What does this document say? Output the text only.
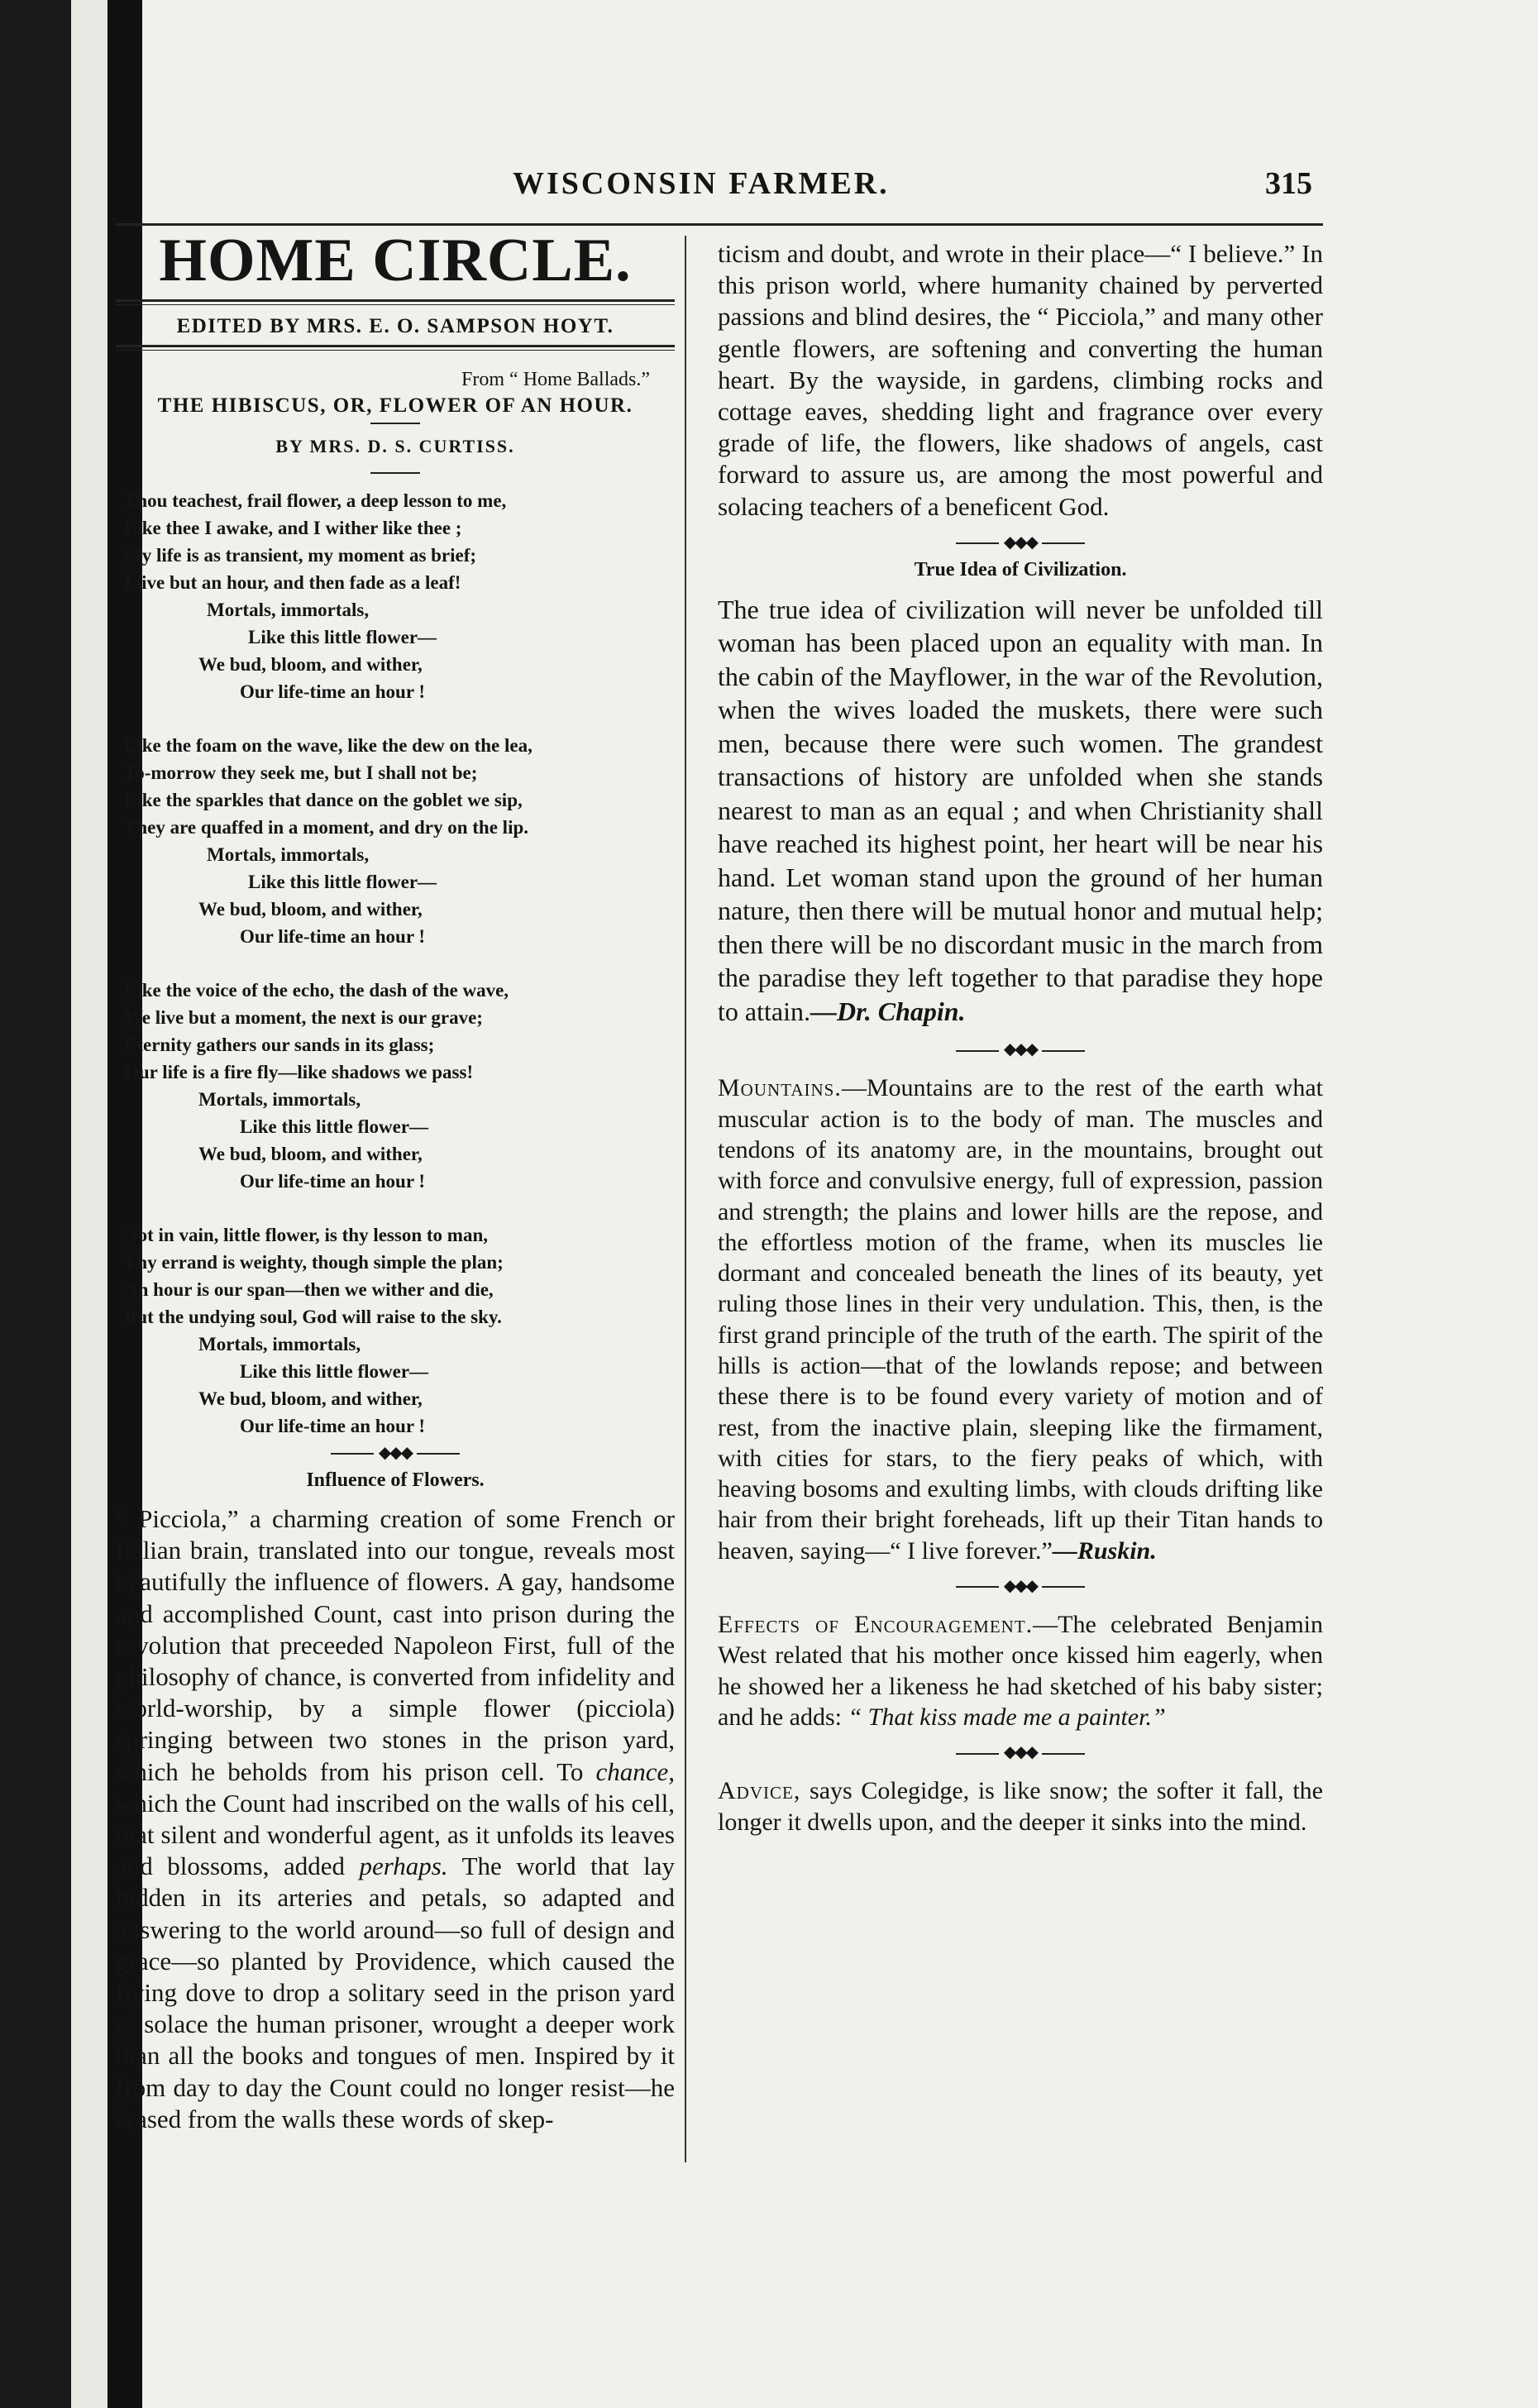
WISCONSIN FARMER.	315
HOME CIRCLE.
EDITED BY MRS. E. O. SAMPSON HOYT.
From “ Home Ballads.”
THE HIBISCUS, OR, FLOWER OF AN HOUR.
BY MRS. D. S. CURTISS.
Thou teachest, frail flower, a deep lesson to me,
Like thee I awake, and I wither like thee ;
My life is as transient, my moment as brief;
I live but an hour, and then fade as a leaf!
Mortals, immortals,
Like this little flower—
We bud, bloom, and wither,
Our life-time an hour !
Like the foam on the wave, like the dew on the lea,
To-morrow they seek me, but I shall not be;
Like the sparkles that dance on the goblet we sip,
They are quaffed in a moment, and dry on the lip.
Mortals, immortals,
Like this little flower—
We bud, bloom, and wither,
Our life-time an hour !
Like the voice of the echo, the dash of the wave,
We live but a moment, the next is our grave;
Eternity gathers our sands in its glass;
Our life is a fire fly—like shadows we pass!
Mortals, immortals,
Like this little flower—
We bud, bloom, and wither,
Our life-time an hour !
Not in vain, little flower, is thy lesson to man,
Thy errand is weighty, though simple the plan;
An hour is our span—then we wither and die,
But the undying soul, God will raise to the sky.
Mortals, immortals,
Like this little flower—
We bud, bloom, and wither,
Our life-time an hour !
◆◆◆
Influence of Flowers.

“ Picciola,” a charming creation of some French or Italian brain, translated into our tongue, reveals most beautifully the influence of flowers. A gay, handsome and accomplished Count, cast into prison during the revolution that preceeded Napoleon First, full of the philosophy of chance, is converted from infidelity and world-worship, by a simple flower (picciola) springing between two stones in the prison yard, which he beholds from his prison cell. To chance, which the Count had inscribed on the walls of his cell, that silent and wonderful agent, as it unfolds its leaves and blossoms, added perhaps. The world that lay hidden in its arteries and petals, so adapted and answering to the world around—so full of design and grace—so planted by Providence, which caused the flying dove to drop a solitary seed in the prison yard to solace the human prisoner, wrought a deeper work than all the books and tongues of men. Inspired by it from day to day the Count could no longer resist—he erased from the walls these words of skep-

ticism and doubt, and wrote in their place—“ I believe.” In this prison world, where humanity chained by perverted passions and blind desires, the “ Picciola,” and many other gentle flowers, are softening and converting the human heart. By the wayside, in gardens, climbing rocks and cottage eaves, shedding light and fragrance over every grade of life, the flowers, like shadows of angels, cast forward to assure us, are among the most powerful and solacing teachers of a beneficent God.

◆◆◆
True Idea of Civilization.

The true idea of civilization will never be unfolded till woman has been placed upon an equality with man. In the cabin of the Mayflower, in the war of the Revolution, when the wives loaded the muskets, there were such men, because there were such women. The grandest transactions of history are unfolded when she stands nearest to man as an equal ; and when Christianity shall have reached its highest point, her heart will be near his hand. Let woman stand upon the ground of her human nature, then there will be mutual honor and mutual help; then there will be no discordant music in the march from the paradise they left together to that paradise they hope to attain.—Dr. Chapin.

◆◆◆

Mountains.—Mountains are to the rest of the earth what muscular action is to the body of man. The muscles and tendons of its anatomy are, in the mountains, brought out with force and convulsive energy, full of expression, passion and strength; the plains and lower hills are the repose, and the effortless motion of the frame, when its muscles lie dormant and concealed beneath the lines of its beauty, yet ruling those lines in their very undulation. This, then, is the first grand principle of the truth of the earth. The spirit of the hills is action—that of the lowlands repose; and between these there is to be found every variety of motion and of rest, from the inactive plain, sleeping like the firmament, with cities for stars, to the fiery peaks of which, with heaving bosoms and exulting limbs, with clouds drifting like hair from their bright foreheads, lift up their Titan hands to heaven, saying—“ I live forever.”—Ruskin.

◆◆◆

Effects of Encouragement.—The celebrated Benjamin West related that his mother once kissed him eagerly, when he showed her a likeness he had sketched of his baby sister; and he adds: “ That kiss made me a painter.”

◆◆◆

Advice, says Colegidge, is like snow; the softer it fall, the longer it dwells upon, and the deeper it sinks into the mind.
